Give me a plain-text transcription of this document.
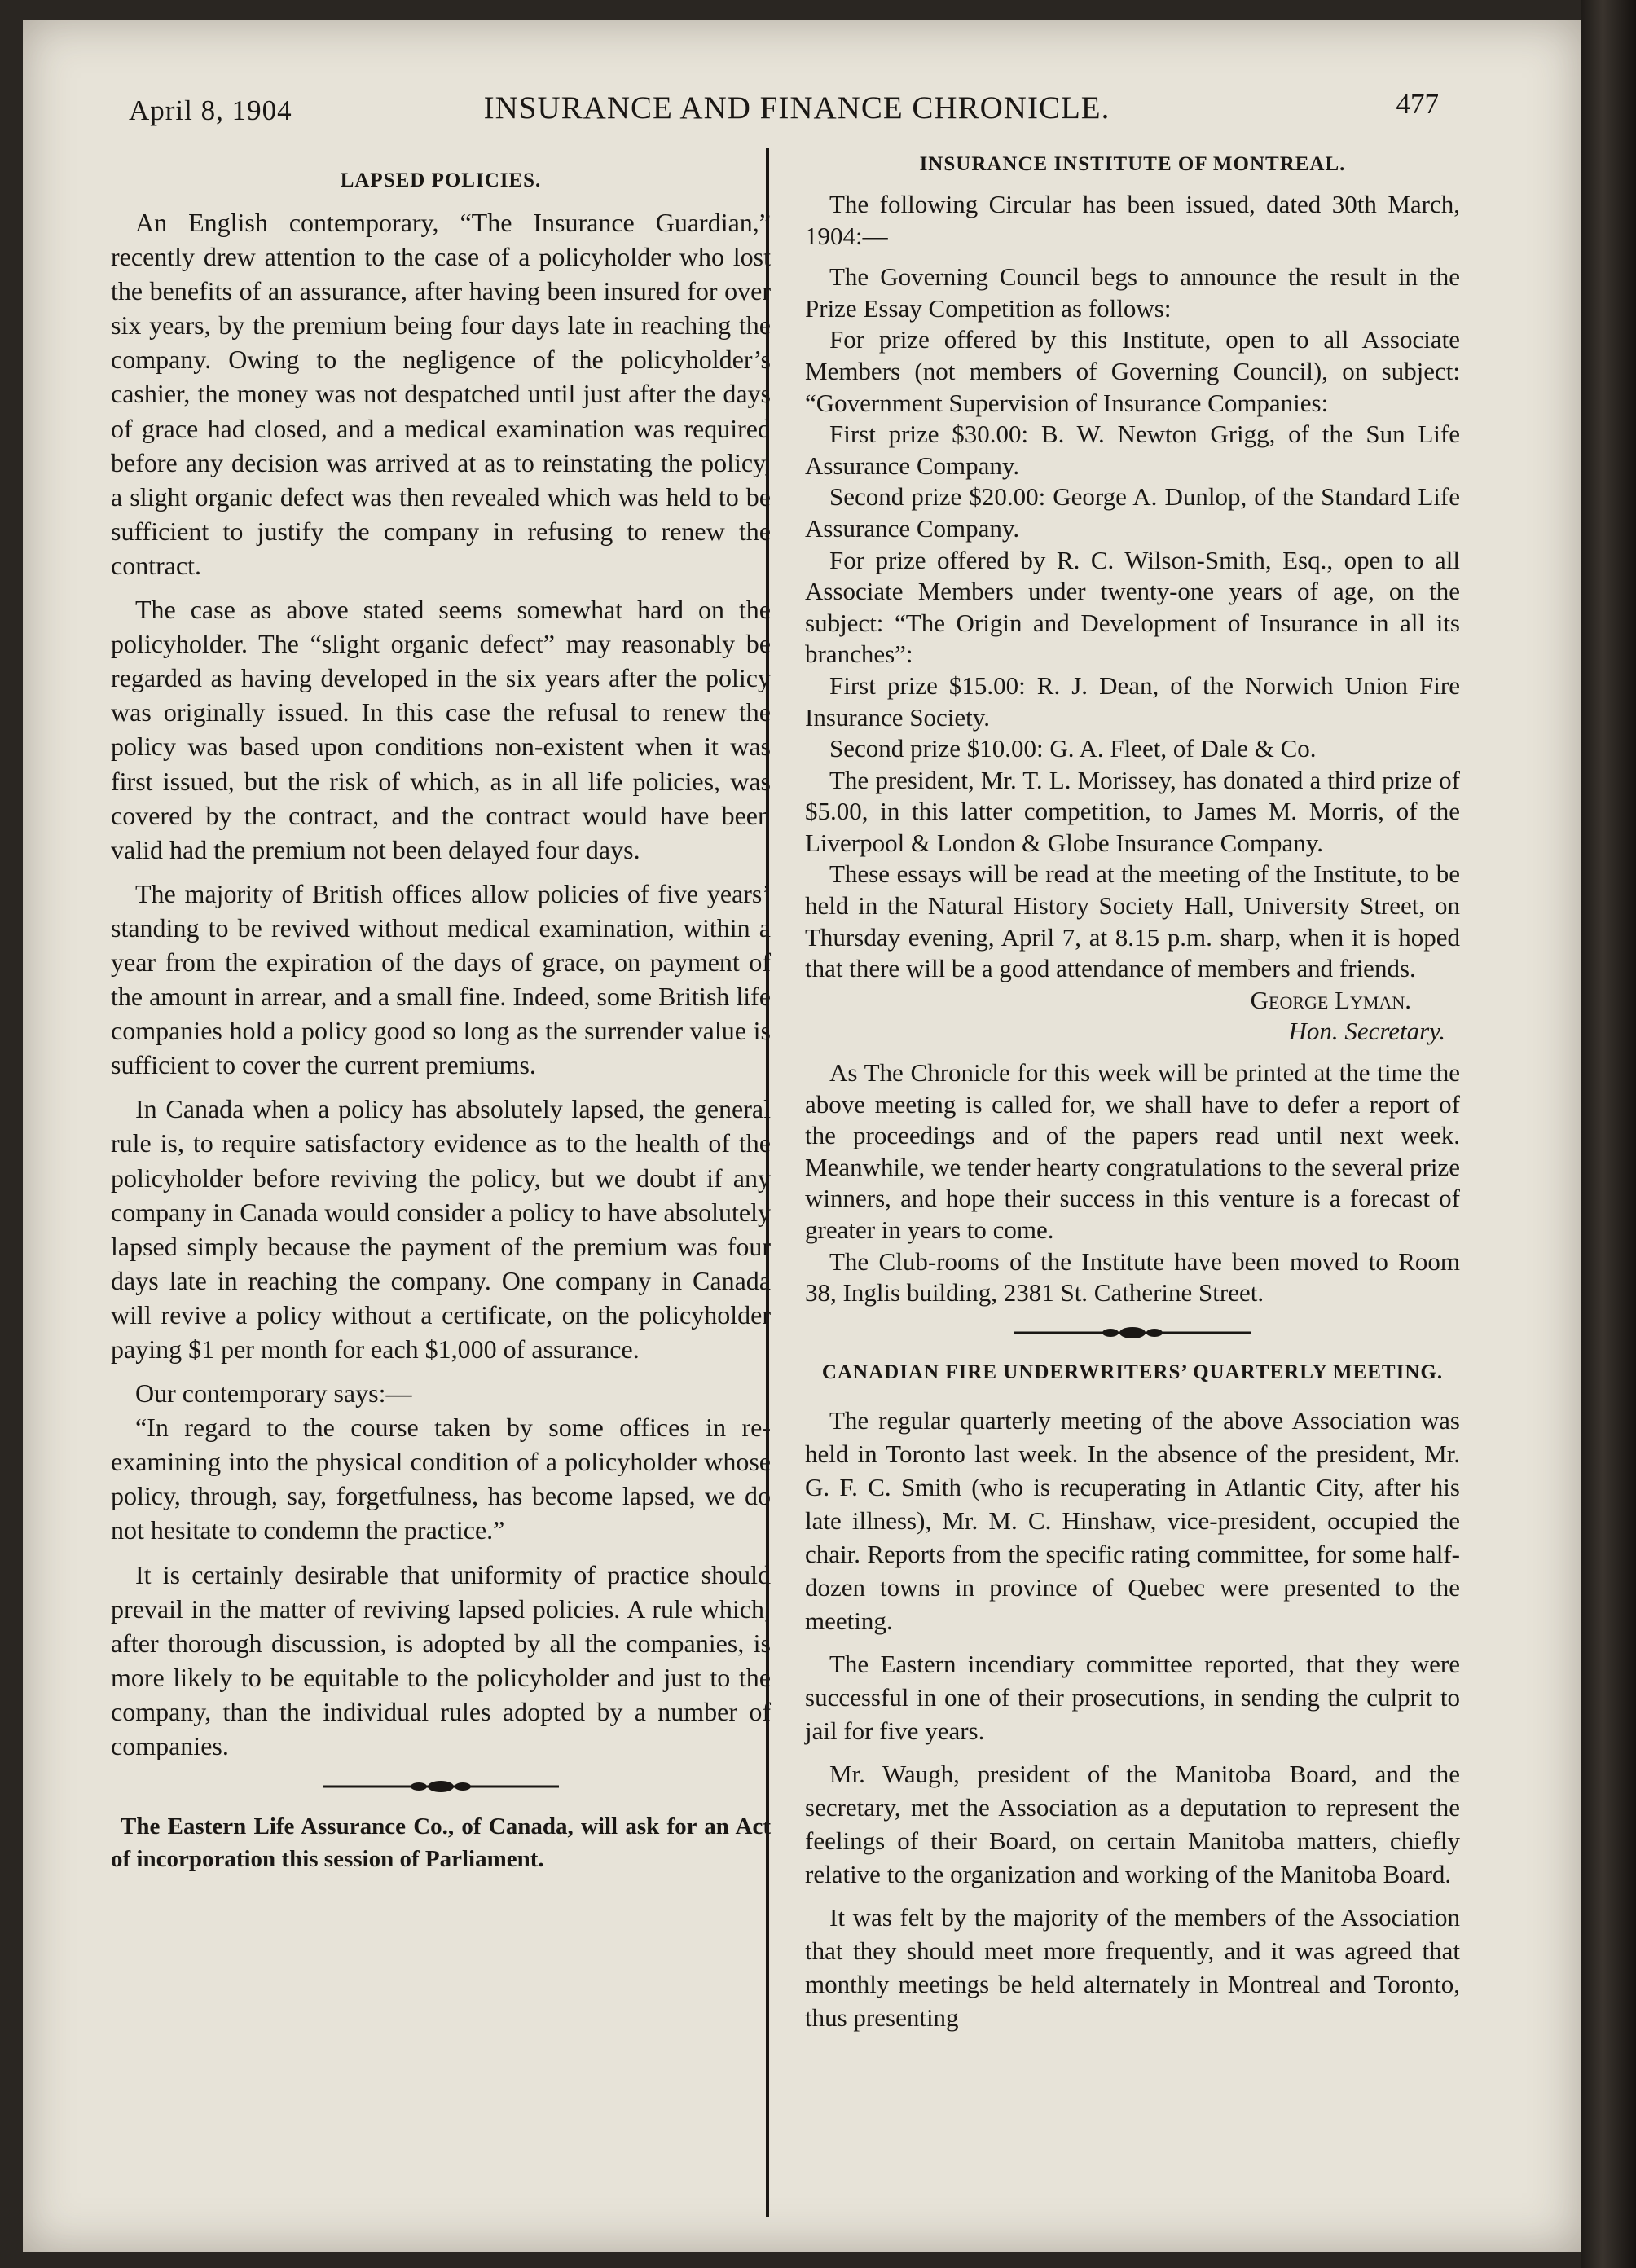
April 8, 1904	INSURANCE AND FINANCE CHRONICLE.	477
LAPSED POLICIES.

An English contemporary, “The Insurance Guardian,” recently drew attention to the case of a policyholder who lost the benefits of an assurance, after having been insured for over six years, by the premium being four days late in reaching the company. Owing to the negligence of the policyholder’s cashier, the money was not despatched until just after the days of grace had closed, and a medical examination was required before any decision was arrived at as to reinstating the policy, a slight organic defect was then revealed which was held to be sufficient to justify the company in refusing to renew the contract.

The case as above stated seems somewhat hard on the policyholder. The “slight organic defect” may reasonably be regarded as having developed in the six years after the policy was originally issued. In this case the refusal to renew the policy was based upon conditions non-existent when it was first issued, but the risk of which, as in all life policies, was covered by the contract, and the contract would have been valid had the premium not been delayed four days.

The majority of British offices allow policies of five years’ standing to be revived without medical examination, within a year from the expiration of the days of grace, on payment of the amount in arrear, and a small fine. Indeed, some British life companies hold a policy good so long as the surrender value is sufficient to cover the current premiums.

In Canada when a policy has absolutely lapsed, the general rule is, to require satisfactory evidence as to the health of the policyholder before reviving the policy, but we doubt if any company in Canada would consider a policy to have absolutely lapsed simply because the payment of the premium was four days late in reaching the company. One company in Canada will revive a policy without a certificate, on the policyholder paying $1 per month for each $1,000 of assurance.

Our contemporary says:—

“In regard to the course taken by some offices in re-examining into the physical condition of a policyholder whose policy, through, say, forgetfulness, has become lapsed, we do not hesitate to condemn the practice.”

It is certainly desirable that uniformity of practice should prevail in the matter of reviving lapsed policies. A rule which, after thorough discussion, is adopted by all the companies, is more likely to be equitable to the policyholder and just to the company, than the individual rules adopted by a number of companies.

The Eastern Life Assurance Co., of Canada, will ask for an Act of incorporation this session of Parliament.

INSURANCE INSTITUTE OF MONTREAL.

The following Circular has been issued, dated 30th March, 1904:—

The Governing Council begs to announce the result in the Prize Essay Competition as follows:

For prize offered by this Institute, open to all Associate Members (not members of Governing Council), on subject: “Government Supervision of Insurance Companies:

First prize $30.00: B. W. Newton Grigg, of the Sun Life Assurance Company.

Second prize $20.00: George A. Dunlop, of the Standard Life Assurance Company.

For prize offered by R. C. Wilson-Smith, Esq., open to all Associate Members under twenty-one years of age, on the subject: “The Origin and Development of Insurance in all its branches”:

First prize $15.00: R. J. Dean, of the Norwich Union Fire Insurance Society.

Second prize $10.00: G. A. Fleet, of Dale & Co.

The president, Mr. T. L. Morissey, has donated a third prize of $5.00, in this latter competition, to James M. Morris, of the Liverpool & London & Globe Insurance Company.

These essays will be read at the meeting of the Institute, to be held in the Natural History Society Hall, University Street, on Thursday evening, April 7, at 8.15 p.m. sharp, when it is hoped that there will be a good attendance of members and friends.

George Lyman.
Hon. Secretary.

As The Chronicle for this week will be printed at the time the above meeting is called for, we shall have to defer a report of the proceedings and of the papers read until next week. Meanwhile, we tender hearty congratulations to the several prize winners, and hope their success in this venture is a forecast of greater in years to come.

The Club-rooms of the Institute have been moved to Room 38, Inglis building, 2381 St. Catherine Street.

CANADIAN FIRE UNDERWRITERS’ QUARTERLY MEETING.

The regular quarterly meeting of the above Association was held in Toronto last week. In the absence of the president, Mr. G. F. C. Smith (who is recuperating in Atlantic City, after his late illness), Mr. M. C. Hinshaw, vice-president, occupied the chair. Reports from the specific rating committee, for some half-dozen towns in province of Quebec were presented to the meeting.

The Eastern incendiary committee reported, that they were successful in one of their prosecutions, in sending the culprit to jail for five years.

Mr. Waugh, president of the Manitoba Board, and the secretary, met the Association as a deputation to represent the feelings of their Board, on certain Manitoba matters, chiefly relative to the organization and working of the Manitoba Board.

It was felt by the majority of the members of the Association that they should meet more frequently, and it was agreed that monthly meetings be held alternately in Montreal and Toronto, thus presenting
